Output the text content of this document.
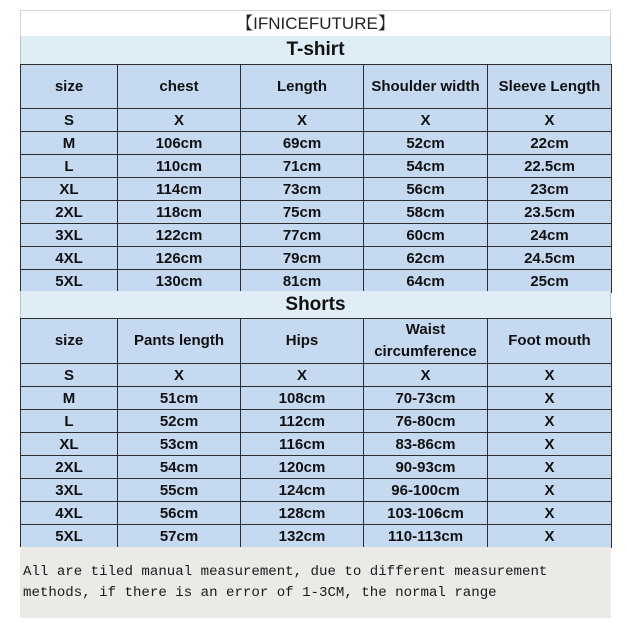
【IFNICEFUTURE】
T-shirt
size	chest	Length	Shoulder width	Sleeve Length
S	X	X	X	X
M	106cm	69cm	52cm	22cm
L	110cm	71cm	54cm	22.5cm
XL	114cm	73cm	56cm	23cm
2XL	118cm	75cm	58cm	23.5cm
3XL	122cm	77cm	60cm	24cm
4XL	126cm	79cm	62cm	24.5cm
5XL	130cm	81cm	64cm	25cm
Shorts
size	Pants length	Hips	Waist circumference	Foot mouth
S	X	X	X	X
M	51cm	108cm	70-73cm	X
L	52cm	112cm	76-80cm	X
XL	53cm	116cm	83-86cm	X
2XL	54cm	120cm	90-93cm	X
3XL	55cm	124cm	96-100cm	X
4XL	56cm	128cm	103-106cm	X
5XL	57cm	132cm	110-113cm	X
All are tiled manual measurement, due to different measurement
methods, if there is an error of 1-3CM, the normal range
